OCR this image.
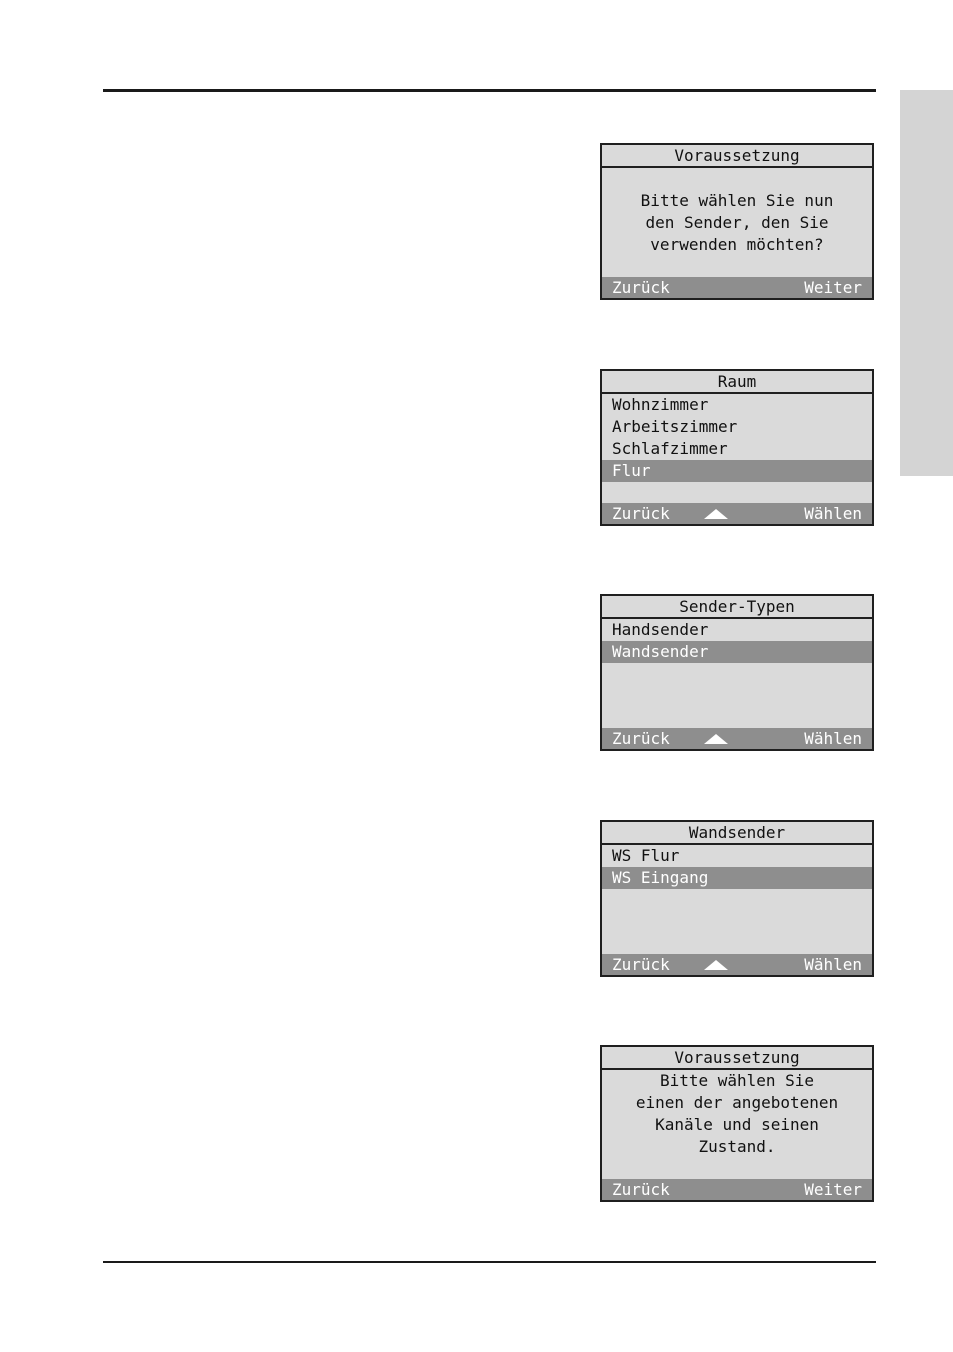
Voraussetzung
Bitte wählen Sie nun
den Sender, den Sie
verwenden möchten?
Zurück	Weiter
Raum
Wohnzimmer
Arbeitszimmer
Schlafzimmer
Flur
Zurück	Wählen
Sender-Typen
Handsender
Wandsender
Zurück	Wählen
Wandsender
WS Flur
WS Eingang
Zurück	Wählen
Voraussetzung
Bitte wählen Sie
einen der angebotenen
Kanäle und seinen
Zustand.
Zurück	Weiter
